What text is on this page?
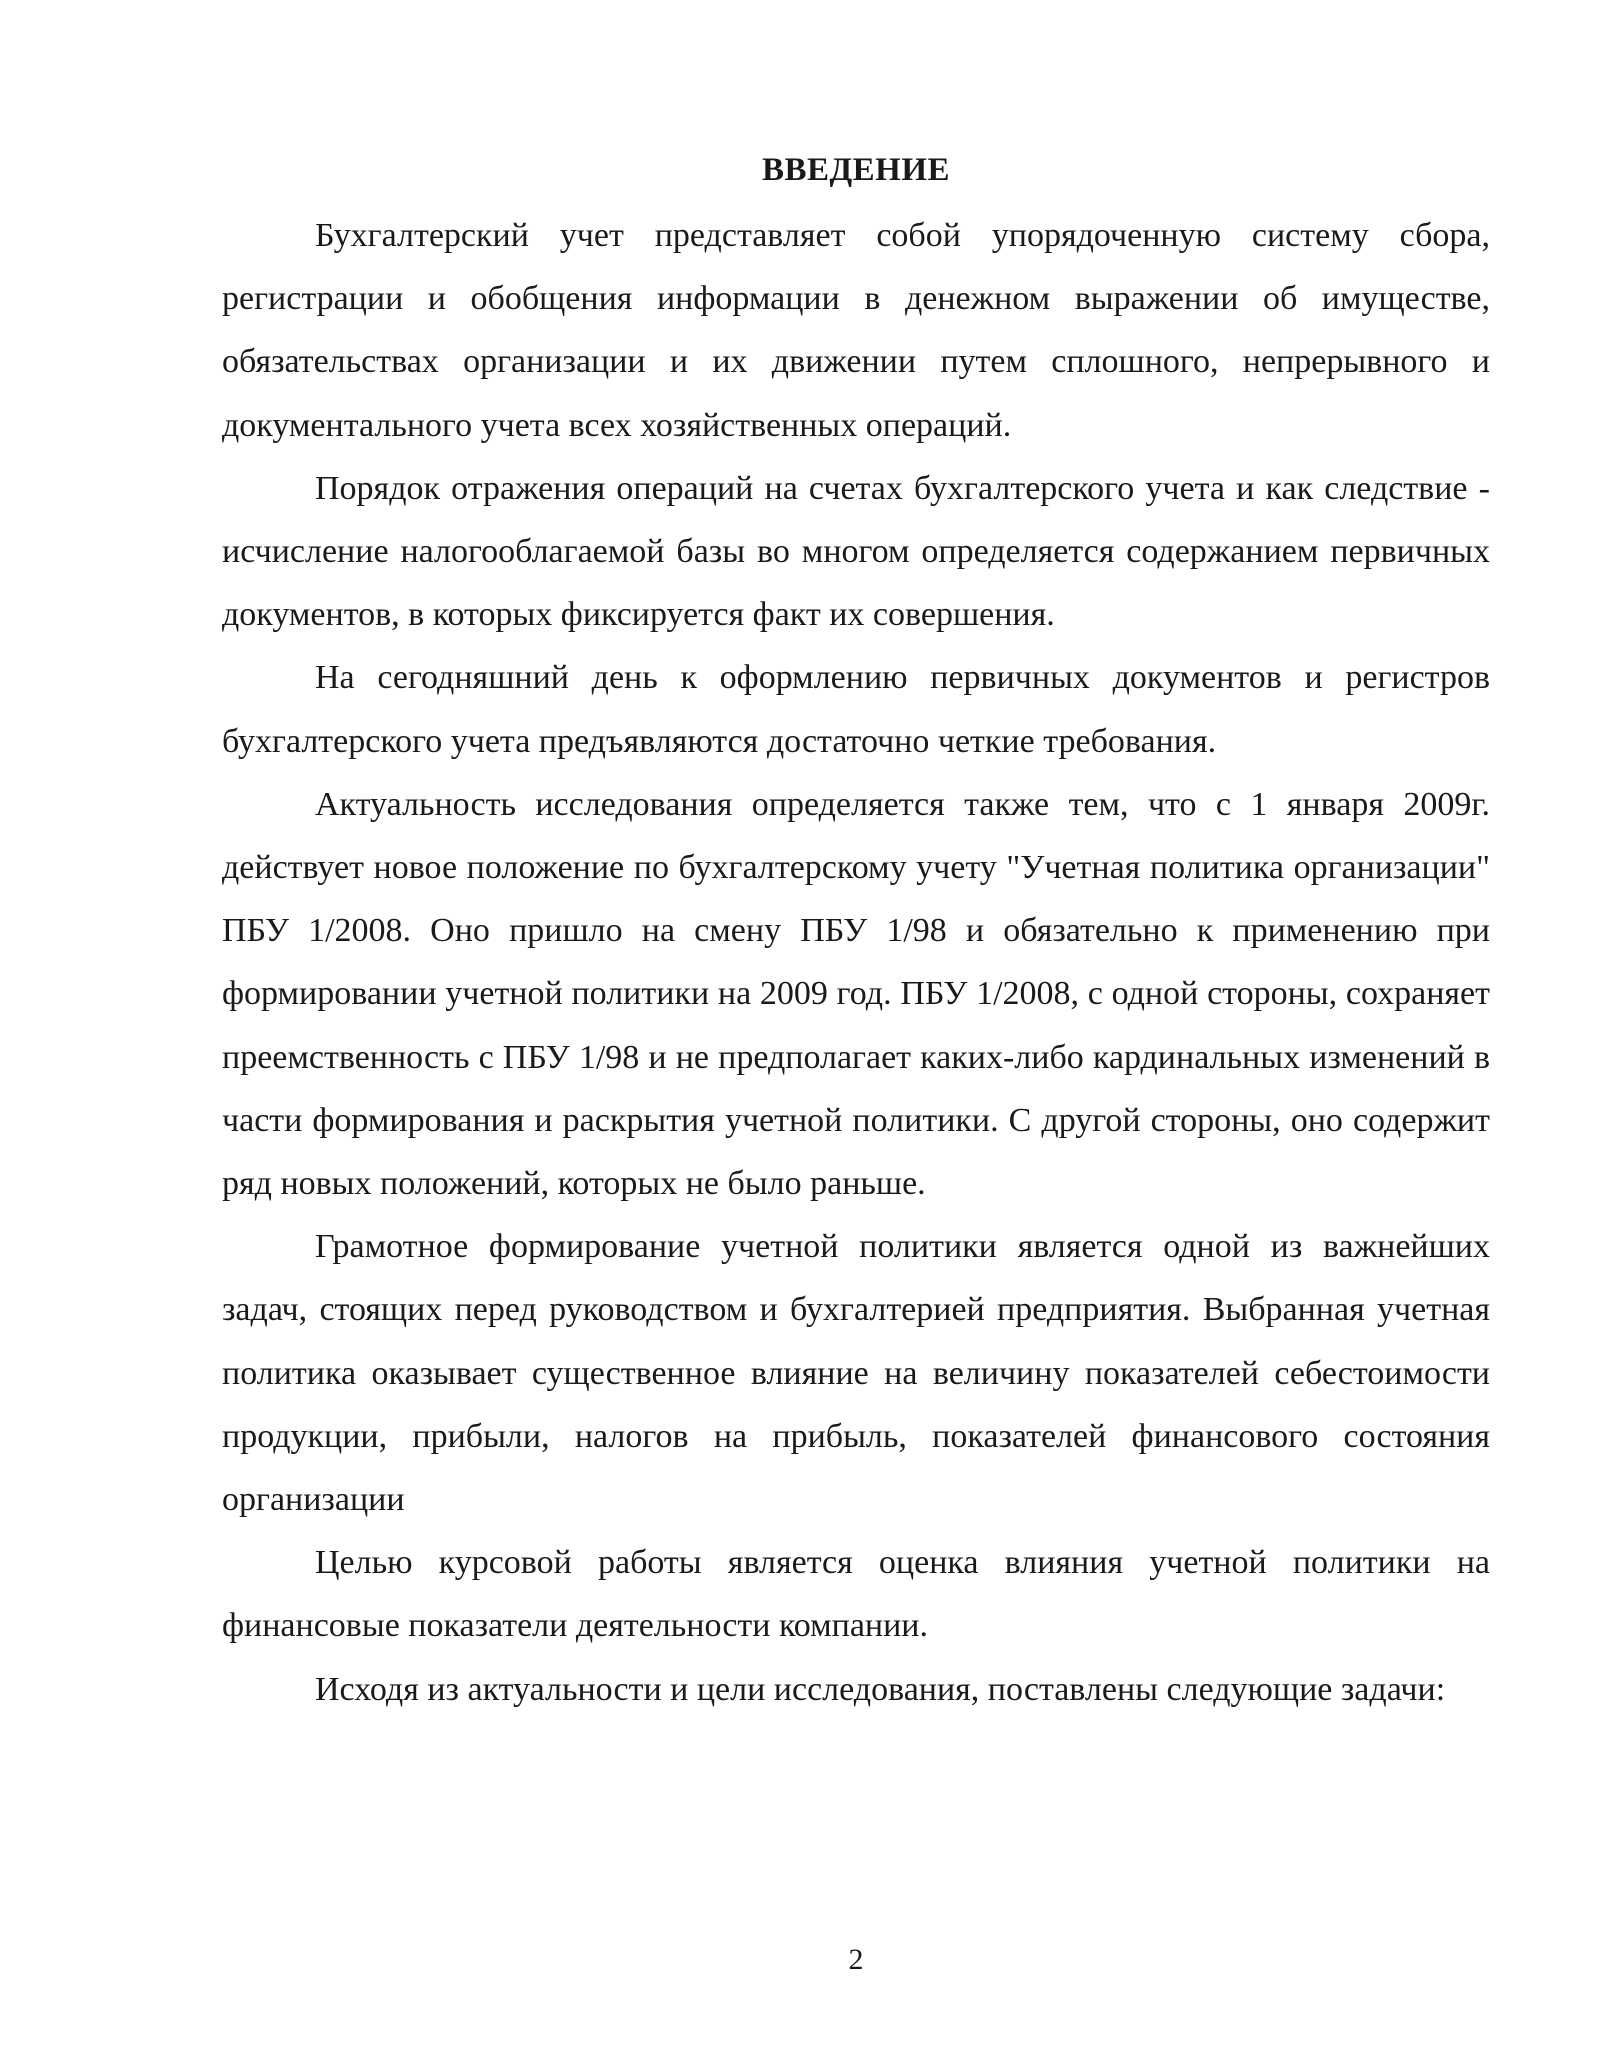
ВВЕДЕНИЕ

Бухгалтерский учет представляет собой упорядоченную систему сбора, регистрации и обобщения информации в денежном выражении об имуществе, обязательствах организации и их движении путем сплошного, непрерывного и документального учета всех хозяйственных операций.

Порядок отражения операций на счетах бухгалтерского учета и как следствие - исчисление налогооблагаемой базы во многом определяется содержанием первичных документов, в которых фиксируется факт их совершения.

На сегодняшний день к оформлению первичных документов и регистров бухгалтерского учета предъявляются достаточно четкие требования.

Актуальность исследования определяется также тем, что с 1 января 2009г. действует новое положение по бухгалтерскому учету "Учетная политика организации" ПБУ 1/2008. Оно пришло на смену ПБУ 1/98 и обязательно к применению при формировании учетной политики на 2009 год. ПБУ 1/2008, с одной стороны, сохраняет преемственность с ПБУ 1/98 и не предполагает каких-либо кардинальных изменений в части формирования и раскрытия учетной политики. С другой стороны, оно содержит ряд новых положений, которых не было раньше.

Грамотное формирование учетной политики является одной из важнейших задач, стоящих перед руководством и бухгалтерией предприятия. Выбранная учетная политика оказывает существенное влияние на величину показателей себестоимости продукции, прибыли, налогов на прибыль, показателей финансового состояния организации

Целью курсовой работы является оценка влияния учетной политики на финансовые показатели деятельности компании.

Исходя из актуальности и цели исследования, поставлены следующие задачи:

2
